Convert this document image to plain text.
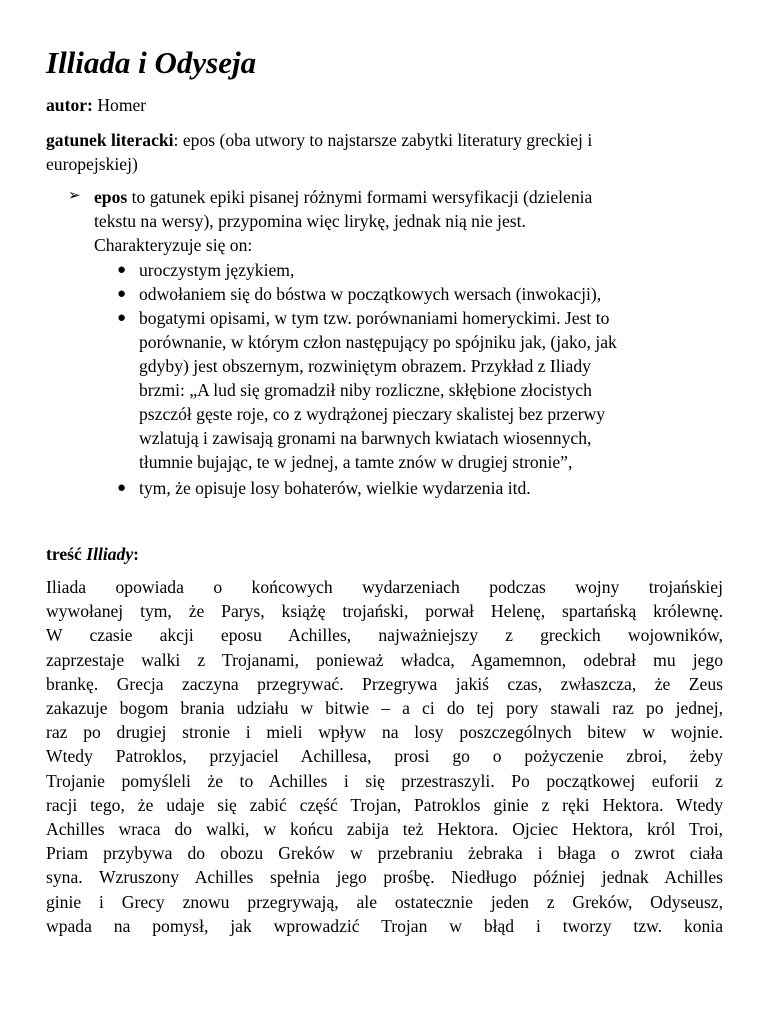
Illiada i Odyseja
autor: Homer
gatunek literacki: epos (oba utwory to najstarsze zabytki literatury greckiej i
europejskiej)
➢ epos to gatunek epiki pisanej różnymi formami wersyfikacji (dzielenia
tekstu na wersy), przypomina więc lirykę, jednak nią nie jest.
Charakteryzuje się on:
● uroczystym językiem,
● odwołaniem się do bóstwa w początkowych wersach (inwokacji),
● bogatymi opisami, w tym tzw. porównaniami homeryckimi. Jest to
porównanie, w którym człon następujący po spójniku jak, (jako, jak
gdyby) jest obszernym, rozwiniętym obrazem. Przykład z Iliady
brzmi: „A lud się gromadził niby rozliczne, skłębione złocistych
pszczół gęste roje, co z wydrążonej pieczary skalistej bez przerwy
wzlatują i zawisają gronami na barwnych kwiatach wiosennych,
tłumnie bujając, te w jednej, a tamte znów w drugiej stronie”,
● tym, że opisuje losy bohaterów, wielkie wydarzenia itd.
treść Illiady:
Iliada opowiada o końcowych wydarzeniach podczas wojny trojańskiej
wywołanej tym, że Parys, książę trojański, porwał Helenę, spartańską królewnę.
W czasie akcji eposu Achilles, najważniejszy z greckich wojowników,
zaprzestaje walki z Trojanami, ponieważ władca, Agamemnon, odebrał mu jego
brankę. Grecja zaczyna przegrywać. Przegrywa jakiś czas, zwłaszcza, że Zeus
zakazuje bogom brania udziału w bitwie – a ci do tej pory stawali raz po jednej,
raz po drugiej stronie i mieli wpływ na losy poszczególnych bitew w wojnie.
Wtedy Patroklos, przyjaciel Achillesa, prosi go o pożyczenie zbroi, żeby
Trojanie pomyśleli że to Achilles i się przestraszyli. Po początkowej euforii z
racji tego, że udaje się zabić część Trojan, Patroklos ginie z ręki Hektora. Wtedy
Achilles wraca do walki, w końcu zabija też Hektora. Ojciec Hektora, król Troi,
Priam przybywa do obozu Greków w przebraniu żebraka i błaga o zwrot ciała
syna. Wzruszony Achilles spełnia jego prośbę. Niedługo później jednak Achilles
ginie i Grecy znowu przegrywają, ale ostatecznie jeden z Greków, Odyseusz,
wpada na pomysł, jak wprowadzić Trojan w błąd i tworzy tzw. konia
